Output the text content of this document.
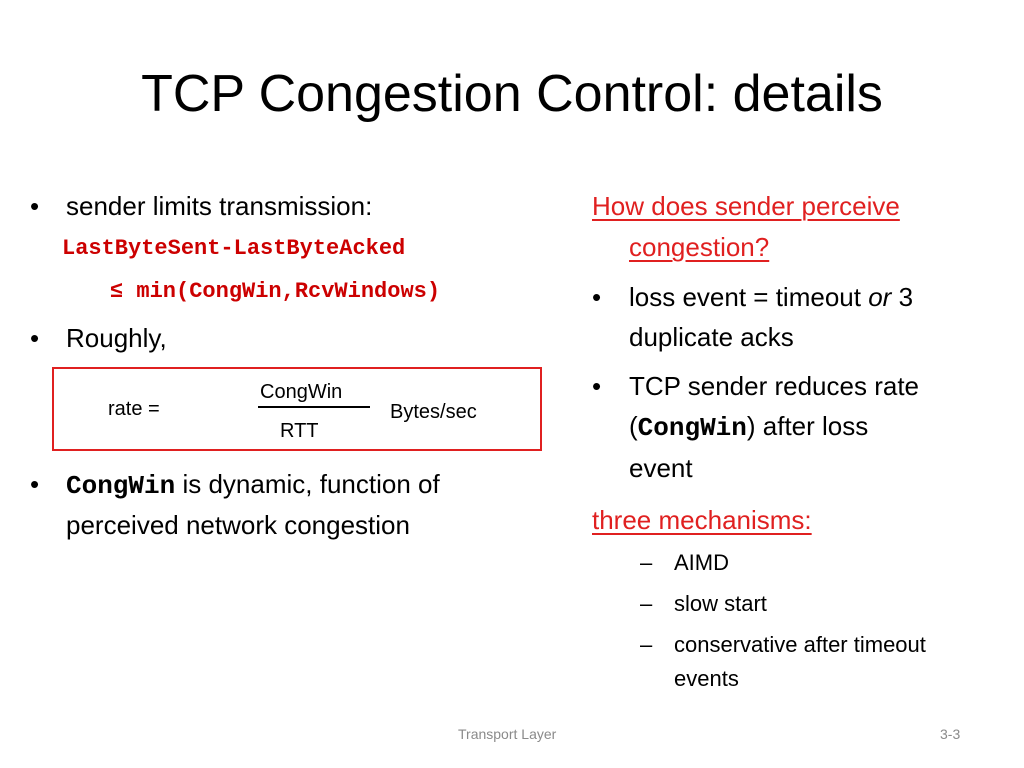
TCP Congestion Control: details
• sender limits transmission:
LastByteSent-LastByteAcked
≤ min(CongWin,RcvWindows)
• Roughly,
rate =
CongWin
RTT
Bytes/sec
• CongWin is dynamic, function of
perceived network congestion
How does sender perceive
congestion?
• loss event = timeout or 3
duplicate acks
• TCP sender reduces rate
(CongWin) after loss
event
three mechanisms:
– AIMD
– slow start
– conservative after timeout
events
Transport Layer	3-3
